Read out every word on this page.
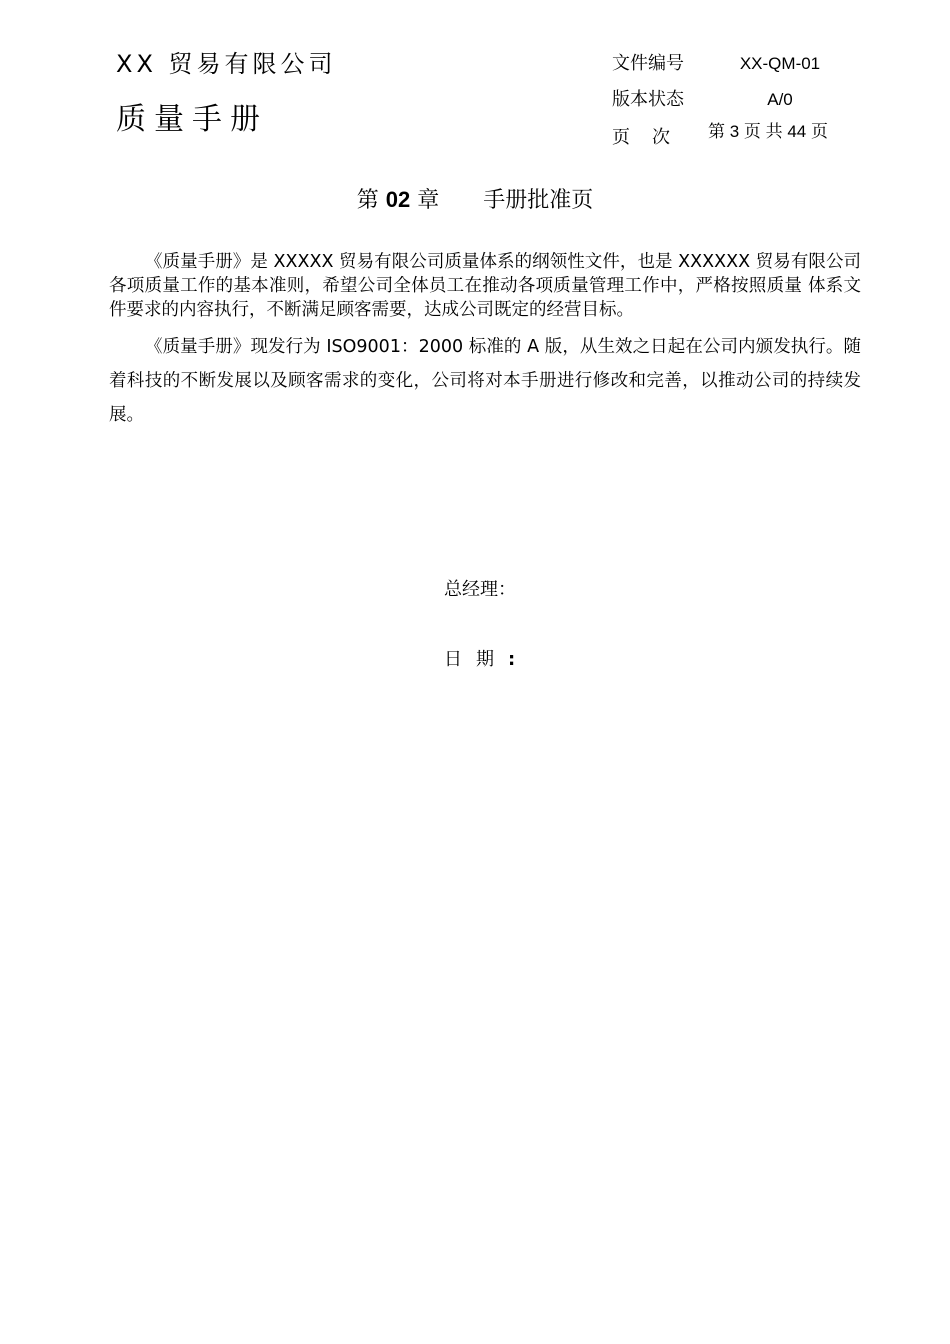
XX 贸易有限公司
质量手册
文件编号	XX-QM-01
版本状态	A/0
页次 第 3 页 共 44 页
第 02 章 手册批准页

《质量手册》是 XXXXX 贸易有限公司质量体系的纲领性文件，也是 XXXXXX 贸易有限公司 各项质量工作的基本准则，希望公司全体员工在推动各项质量管理工作中，严格按照质量 体系文件要求的内容执行，不断满足顾客需要，达成公司既定的经营目标。

《质量手册》现发行为 ISO9001：2000 标准的 A 版，从生效之日起在公司内颁发执行。随着科技的不断发展以及顾客需求的变化，公司将对本手册进行修改和完善，以推动公司的持续发展。

总经理：
日期:
